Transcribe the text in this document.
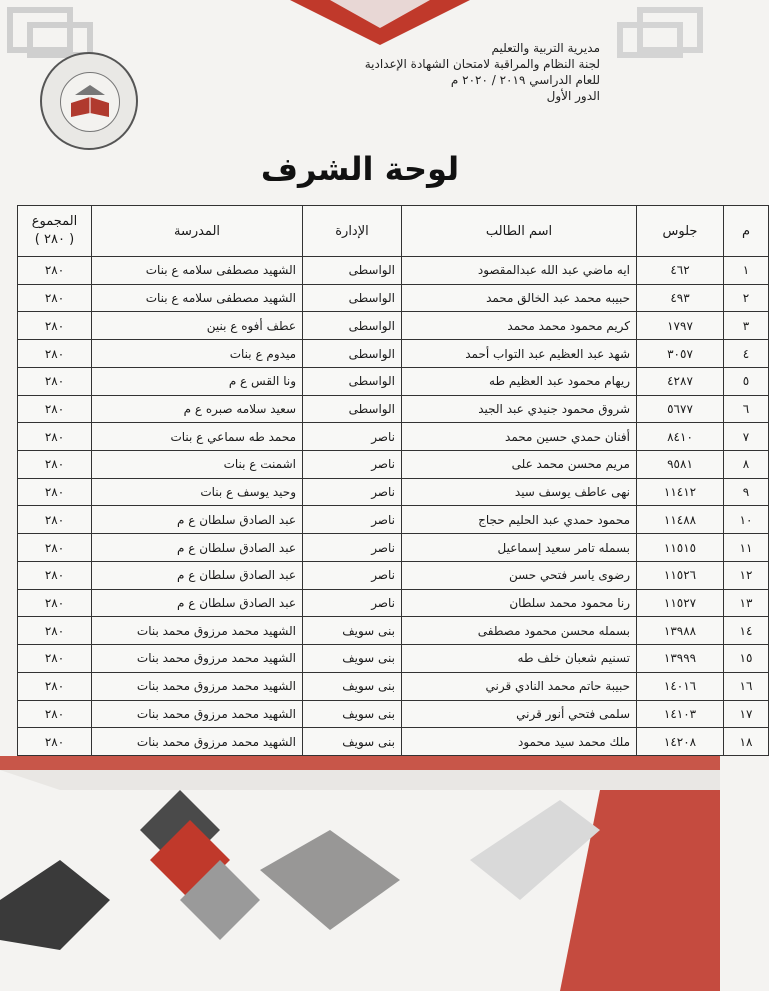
مديرية التربية والتعليم
لجنة النظام والمراقبة لامتحان الشهادة الإعدادية
للعام الدراسي ٢٠١٩ / ٢٠٢٠ م
الدور الأول
لوحة الشرف
م	جلوس	اسم الطالب	الإدارة	المدرسة	المجموع
( ٢٨٠ )

١	٤٦٢	ايه ماضي عبد الله عبدالمقصود	الواسطى	الشهيد مصطفى سلامه ع بنات	٢٨٠
٢	٤٩٣	حبيبه محمد عبد الخالق محمد	الواسطى	الشهيد مصطفى سلامه ع بنات	٢٨٠
٣	١٧٩٧	كريم محمود محمد محمد	الواسطى	عطف أفوه ع بنين	٢٨٠
٤	٣٠٥٧	شهد عبد العظيم عبد التواب أحمد	الواسطى	ميدوم ع بنات	٢٨٠
٥	٤٢٨٧	ريهام محمود عبد العظيم طه	الواسطى	ونا القس ع م	٢٨٠
٦	٥٦٧٧	شروق محمود جنيدي عبد الجيد	الواسطى	سعيد سلامه صبره ع م	٢٨٠
٧	٨٤١٠	أفنان حمدي حسين محمد	ناصر	محمد طه سماعي ع بنات	٢٨٠
٨	٩٥٨١	مريم محسن محمد على	ناصر	اشمنت ع بنات	٢٨٠
٩	١١٤١٢	نهى عاطف يوسف سيد	ناصر	وحيد يوسف ع بنات	٢٨٠
١٠	١١٤٨٨	محمود حمدي عبد الحليم حجاج	ناصر	عبد الصادق سلطان ع م	٢٨٠
١١	١١٥١٥	بسمله تامر سعيد إسماعيل	ناصر	عبد الصادق سلطان ع م	٢٨٠
١٢	١١٥٢٦	رضوى ياسر فتحي حسن	ناصر	عبد الصادق سلطان ع م	٢٨٠
١٣	١١٥٢٧	رنا محمود محمد سلطان	ناصر	عبد الصادق سلطان ع م	٢٨٠
١٤	١٣٩٨٨	بسمله محسن محمود مصطفى	بنى سويف	الشهيد محمد مرزوق محمد بنات	٢٨٠
١٥	١٣٩٩٩	تسنيم شعبان خلف طه	بنى سويف	الشهيد محمد مرزوق محمد بنات	٢٨٠
١٦	١٤٠١٦	حبيبة حاتم محمد النادي قرني	بنى سويف	الشهيد محمد مرزوق محمد بنات	٢٨٠
١٧	١٤١٠٣	سلمى فتحي أنور قرني	بنى سويف	الشهيد محمد مرزوق محمد بنات	٢٨٠
١٨	١٤٢٠٨	ملك محمد سيد محمود	بنى سويف	الشهيد محمد مرزوق محمد بنات	٢٨٠
